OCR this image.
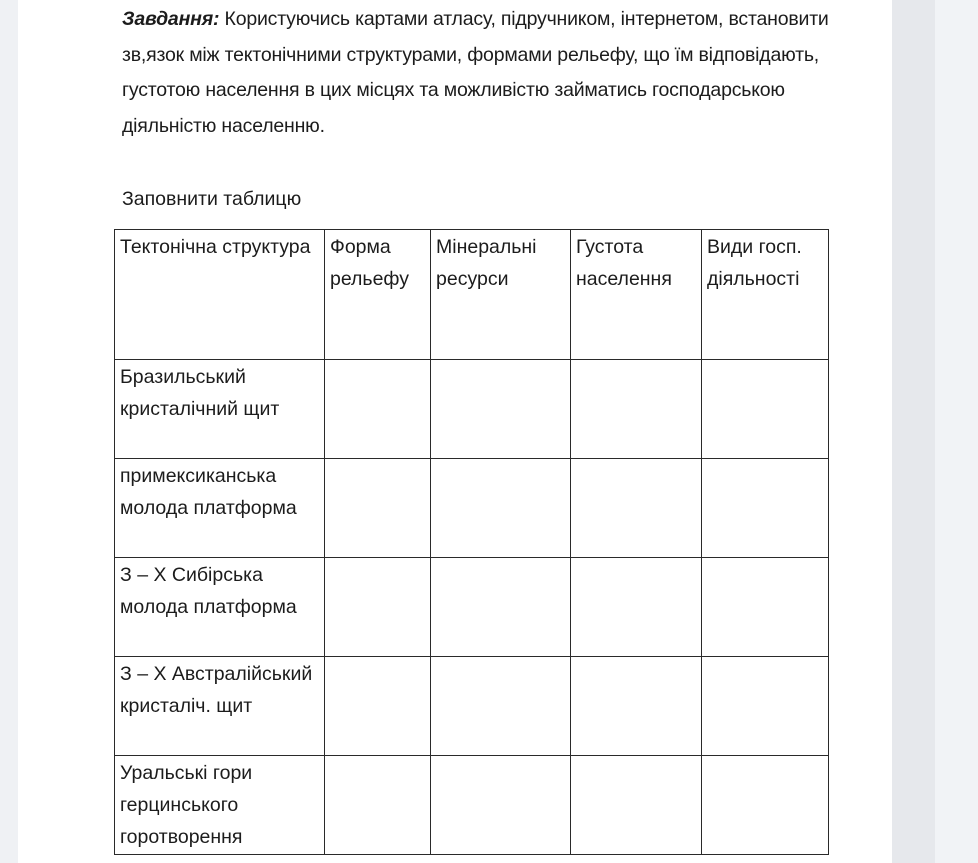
Завдання: Користуючись картами атласу, підручником, інтернетом, встановити зв,язок між тектонічними структурами, формами рельефу, що їм відповідають, густотою населення в цих місцях та можливістю займатись господарською діяльністю населенню.
Заповнити таблицю
Тектонічна структура	Форма рельефу	Мінеральні ресурси	Густота населення	Види госп. діяльності

Бразильський кристалічний щит				
примексиканська молода платформа				
З – Х Сибірська молода платформа				
З – Х Австралійський кристаліч. щит				
Уральські гори герцинського горотворення				
